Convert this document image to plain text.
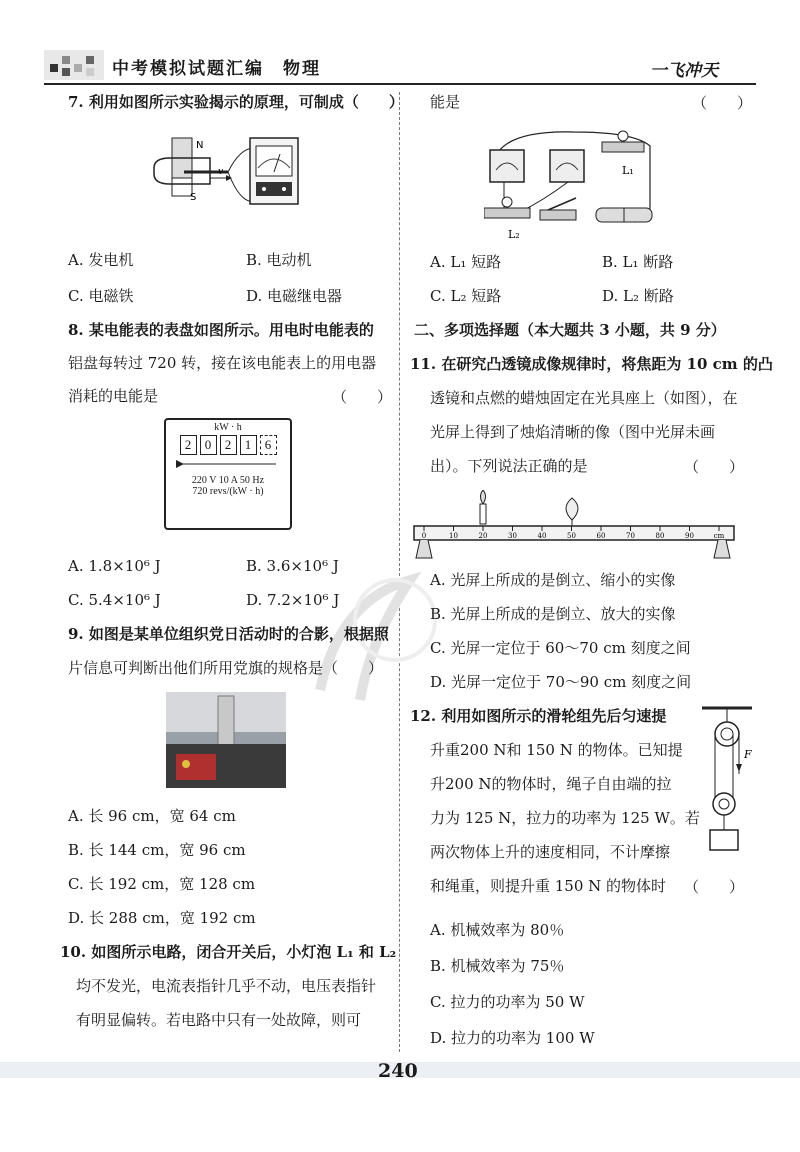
中考模拟试题汇编　物理	一飞冲天
7. 利用如图所示实验揭示的原理，可制成（　　）
N
S
v
A. 发电机	B. 电动机
C. 电磁铁	D. 电磁继电器
8. 某电能表的表盘如图所示。用电时电能表的
铝盘每转过 720 转，接在该电能表上的用电器
消耗的电能是	（　　）
kW · h
2	0	2	1	6
220 V 10 A 50 Hz
720 revs/(kW · h)
A. 1.8×10⁶ J	B. 3.6×10⁶ J
C. 5.4×10⁶ J	D. 7.2×10⁶ J
9. 如图是某单位组织党日活动时的合影，根据照
片信息可判断出他们所用党旗的规格是（　　）
A. 长 96 cm，宽 64 cm
B. 长 144 cm，宽 96 cm
C. 长 192 cm，宽 128 cm
D. 长 288 cm，宽 192 cm
10. 如图所示电路，闭合开关后，小灯泡 L₁ 和 L₂
均不发光，电流表指针几乎不动，电压表指针
有明显偏转。若电路中只有一处故障，则可
能是	（　　）
L₁
L₂
A. L₁ 短路	B. L₁ 断路
C. L₂ 短路	D. L₂ 断路
二、多项选择题（本大题共 3 小题，共 9 分）
11. 在研究凸透镜成像规律时，将焦距为 10 cm 的凸
透镜和点燃的蜡烛固定在光具座上（如图），在
光屏上得到了烛焰清晰的像（图中光屏未画
出）。下列说法正确的是	（　　）
0	10	20	30	40	50	60	70	80	90	cm
A. 光屏上所成的是倒立、缩小的实像
B. 光屏上所成的是倒立、放大的实像
C. 光屏一定位于 60～70 cm 刻度之间
D. 光屏一定位于 70～90 cm 刻度之间
12. 利用如图所示的滑轮组先后匀速提
升重200 N和 150 N 的物体。已知提
升200 N的物体时，绳子自由端的拉
力为 125 N，拉力的功率为 125 W。若
两次物体上升的速度相同，不计摩擦
和绳重，则提升重 150 N 的物体时 （　　）
F
A. 机械效率为 80％
B. 机械效率为 75％
C. 拉力的功率为 50 W
D. 拉力的功率为 100 W
240
